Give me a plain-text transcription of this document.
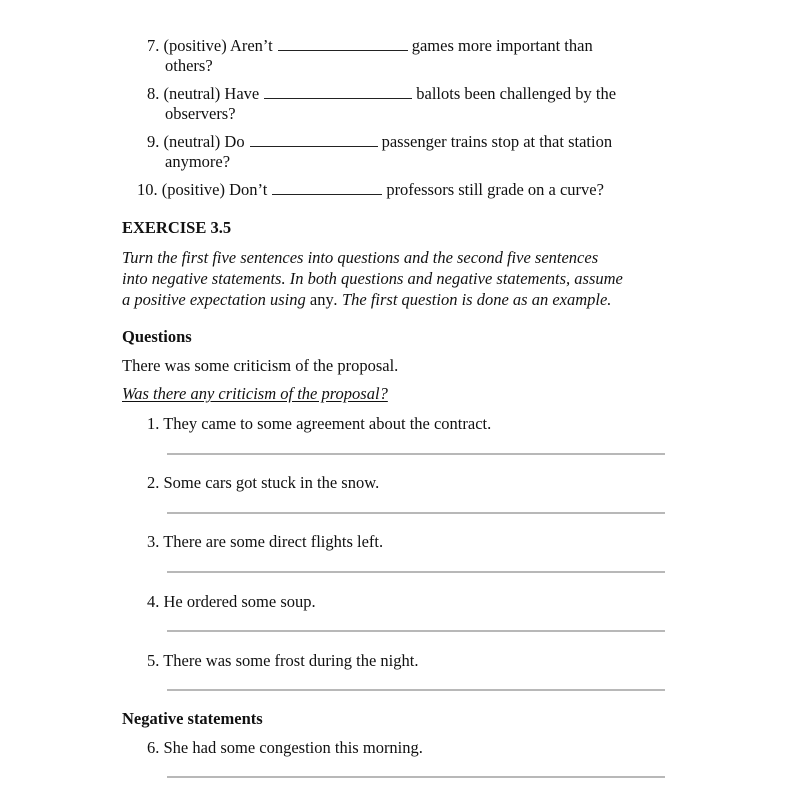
7. (positive) Aren’t	games more important than
others?
8. (neutral) Have	ballots been challenged by the
observers?
9. (neutral) Do	passenger trains stop at that station
anymore?
10. (positive) Don’t	professors still grade on a curve?
EXERCISE 3.5
Turn the first five sentences into questions and the second five sentences
into negative statements. In both questions and negative statements, assume
a positive expectation using any. The first question is done as an example.
Questions
There was some criticism of the proposal.
Was there any criticism of the proposal?
1. They came to some agreement about the contract.
2. Some cars got stuck in the snow.
3. There are some direct flights left.
4. He ordered some soup.
5. There was some frost during the night.
Negative statements
6. She had some congestion this morning.
